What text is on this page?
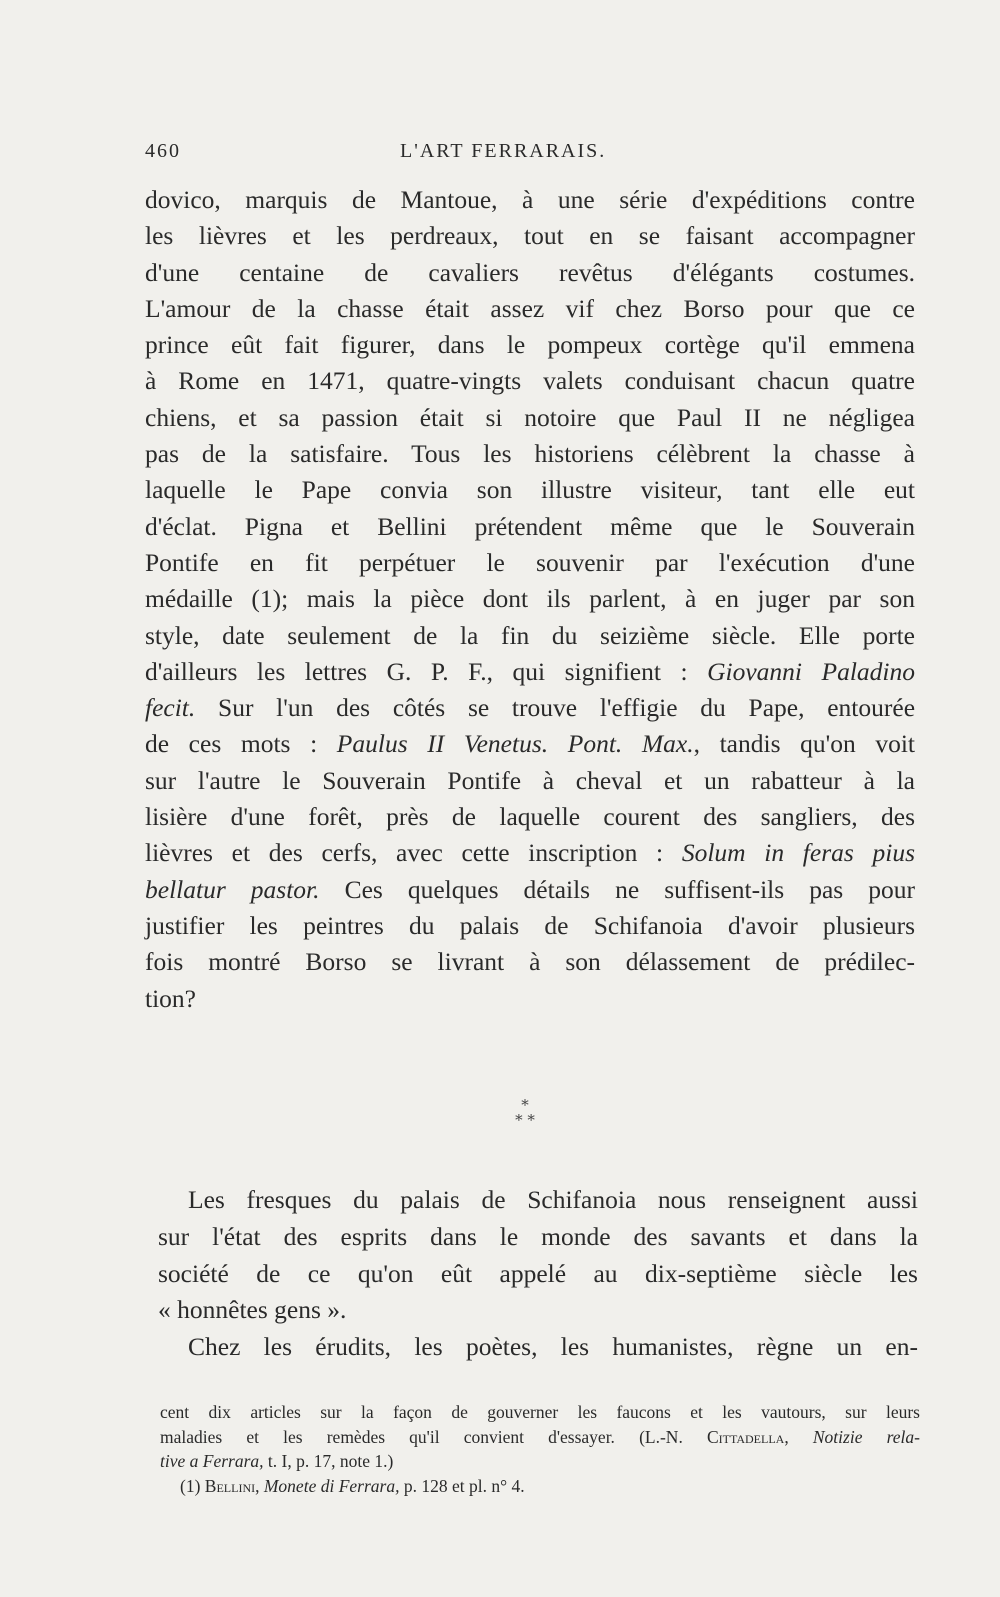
460	L'ART FERRARAIS.
dovico, marquis de Mantoue, à une série d'expéditions contre
les lièvres et les perdreaux, tout en se faisant accompagner
d'une centaine de cavaliers revêtus d'élégants costumes.
L'amour de la chasse était assez vif chez Borso pour que ce
prince eût fait figurer, dans le pompeux cortège qu'il emmena
à Rome en 1471, quatre-vingts valets conduisant chacun quatre
chiens, et sa passion était si notoire que Paul II ne négligea
pas de la satisfaire. Tous les historiens célèbrent la chasse à
laquelle le Pape convia son illustre visiteur, tant elle eut
d'éclat. Pigna et Bellini prétendent même que le Souverain
Pontife en fit perpétuer le souvenir par l'exécution d'une
médaille (1); mais la pièce dont ils parlent, à en juger par son
style, date seulement de la fin du seizième siècle. Elle porte
d'ailleurs les lettres G. P. F., qui signifient : Giovanni Paladino
fecit. Sur l'un des côtés se trouve l'effigie du Pape, entourée
de ces mots : Paulus II Venetus. Pont. Max., tandis qu'on voit
sur l'autre le Souverain Pontife à cheval et un rabatteur à la
lisière d'une forêt, près de laquelle courent des sangliers, des
lièvres et des cerfs, avec cette inscription : Solum in feras pius
bellatur pastor. Ces quelques détails ne suffisent-ils pas pour
justifier les peintres du palais de Schifanoia d'avoir plusieurs
fois montré Borso se livrant à son délassement de prédilec-
tion?
*
* *
Les fresques du palais de Schifanoia nous renseignent aussi
sur l'état des esprits dans le monde des savants et dans la
société de ce qu'on eût appelé au dix-septième siècle les
« honnêtes gens ».
Chez les érudits, les poètes, les humanistes, règne un en-
cent dix articles sur la façon de gouverner les faucons et les vautours, sur leurs
maladies et les remèdes qu'il convient d'essayer. (L.-N. Cittadella, Notizie rela-
tive a Ferrara, t. I, p. 17, note 1.)
(1) Bellini, Monete di Ferrara, p. 128 et pl. n° 4.
